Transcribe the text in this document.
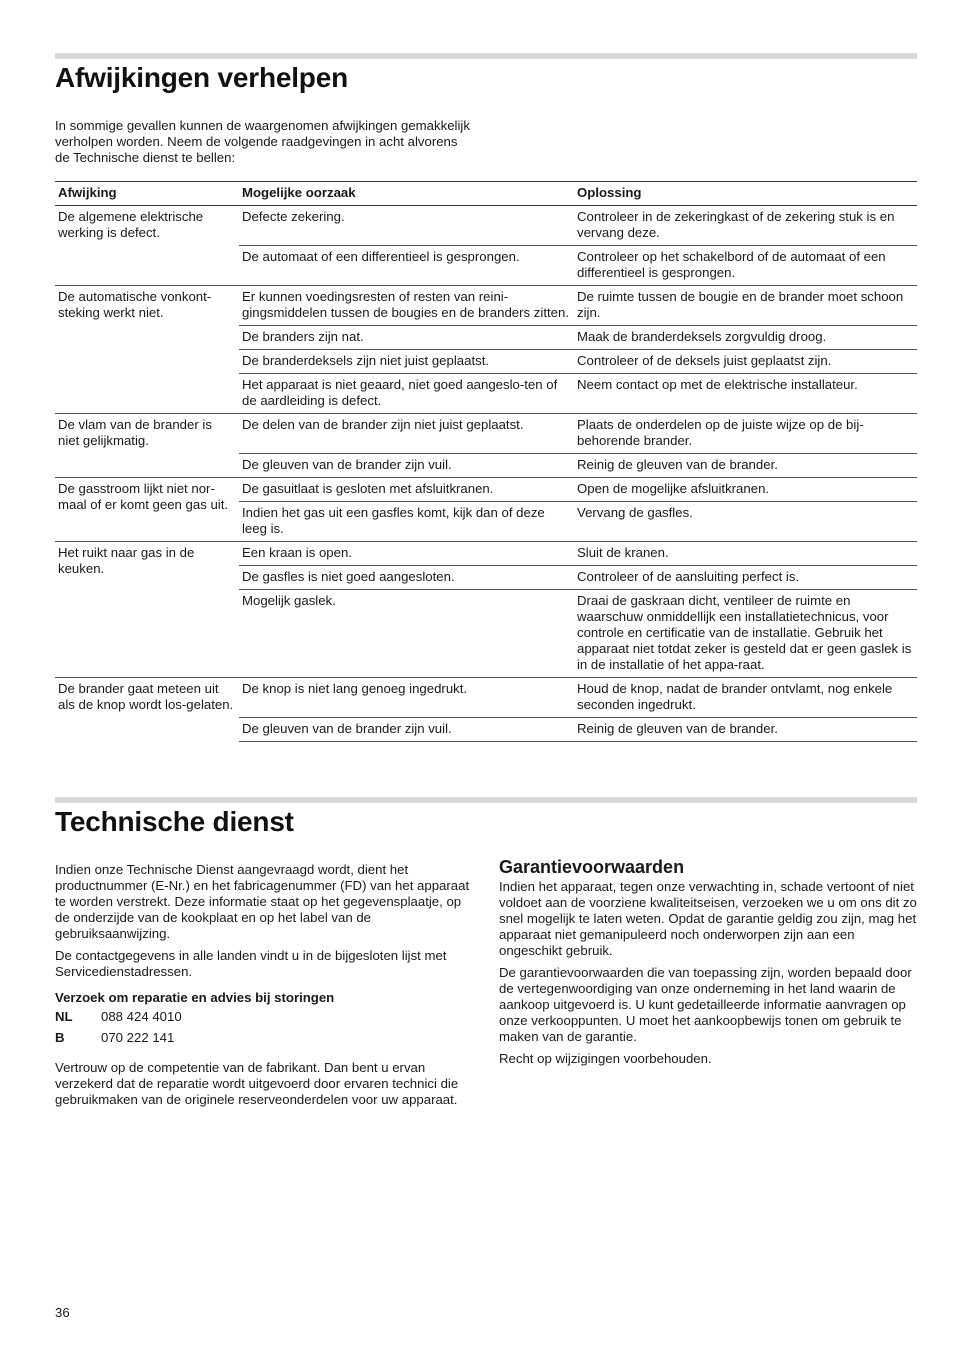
Afwijkingen verhelpen

In sommige gevallen kunnen de waargenomen afwijkingen gemakkelijk verholpen worden. Neem de volgende raadgevingen in acht alvorens de Technische dienst te bellen:

Afwijking	Mogelijke oorzaak	Oplossing
De algemene elektrische werking is defect.	Defecte zekering.	Controleer in de zekeringkast of de zekering stuk is en vervang deze.
	De automaat of een differentieel is gesprongen.	Controleer op het schakelbord of de automaat of een differentieel is gesprongen.
De automatische vonkont-steking werkt niet.	Er kunnen voedingsresten of resten van reini-gingsmiddelen tussen de bougies en de branders zitten.	De ruimte tussen de bougie en de brander moet schoon zijn.
	De branders zijn nat.	Maak de branderdeksels zorgvuldig droog.
	De branderdeksels zijn niet juist geplaatst.	Controleer of de deksels juist geplaatst zijn.
	Het apparaat is niet geaard, niet goed aangeslo-ten of de aardleiding is defect.	Neem contact op met de elektrische installateur.
De vlam van de brander is niet gelijkmatig.	De delen van de brander zijn niet juist geplaatst.	Plaats de onderdelen op de juiste wijze op de bij-behorende brander.
	De gleuven van de brander zijn vuil.	Reinig de gleuven van de brander.
De gasstroom lijkt niet nor-maal of er komt geen gas uit.	De gasuitlaat is gesloten met afsluitkranen.	Open de mogelijke afsluitkranen.
	Indien het gas uit een gasfles komt, kijk dan of deze leeg is.	Vervang de gasfles.
Het ruikt naar gas in de keuken.	Een kraan is open.	Sluit de kranen.
	De gasfles is niet goed aangesloten.	Controleer of de aansluiting perfect is.
	Mogelijk gaslek.	Draai de gaskraan dicht, ventileer de ruimte en waarschuw onmiddellijk een installatietechnicus, voor controle en certificatie van de installatie. Gebruik het apparaat niet totdat zeker is gesteld dat er geen gaslek is in de installatie of het appa-raat.
De brander gaat meteen uit als de knop wordt los-gelaten.	De knop is niet lang genoeg ingedrukt.	Houd de knop, nadat de brander ontvlamt, nog enkele seconden ingedrukt.
	De gleuven van de brander zijn vuil.	Reinig de gleuven van de brander.
Technische dienst

Indien onze Technische Dienst aangevraagd wordt, dient het productnummer (E-Nr.) en het fabricagenummer (FD) van het apparaat te worden verstrekt. Deze informatie staat op het gegevensplaatje, op de onderzijde van de kookplaat en op het label van de gebruiksaanwijzing.

De contactgegevens in alle landen vindt u in de bijgesloten lijst met Servicedienstadressen.

Verzoek om reparatie en advies bij storingen
NL	088 424 4010
B	070 222 141

Vertrouw op de competentie van de fabrikant. Dan bent u ervan verzekerd dat de reparatie wordt uitgevoerd door ervaren technici die gebruikmaken van de originele reserveonderdelen voor uw apparaat.

Garantievoorwaarden

Indien het apparaat, tegen onze verwachting in, schade vertoont of niet voldoet aan de voorziene kwaliteitseisen, verzoeken we u om ons dit zo snel mogelijk te laten weten. Opdat de garantie geldig zou zijn, mag het apparaat niet gemanipuleerd noch onderworpen zijn aan een ongeschikt gebruik.

De garantievoorwaarden die van toepassing zijn, worden bepaald door de vertegenwoordiging van onze onderneming in het land waarin de aankoop uitgevoerd is. U kunt gedetailleerde informatie aanvragen op onze verkooppunten. U moet het aankoopbewijs tonen om gebruik te maken van de garantie.

Recht op wijzigingen voorbehouden.

36
